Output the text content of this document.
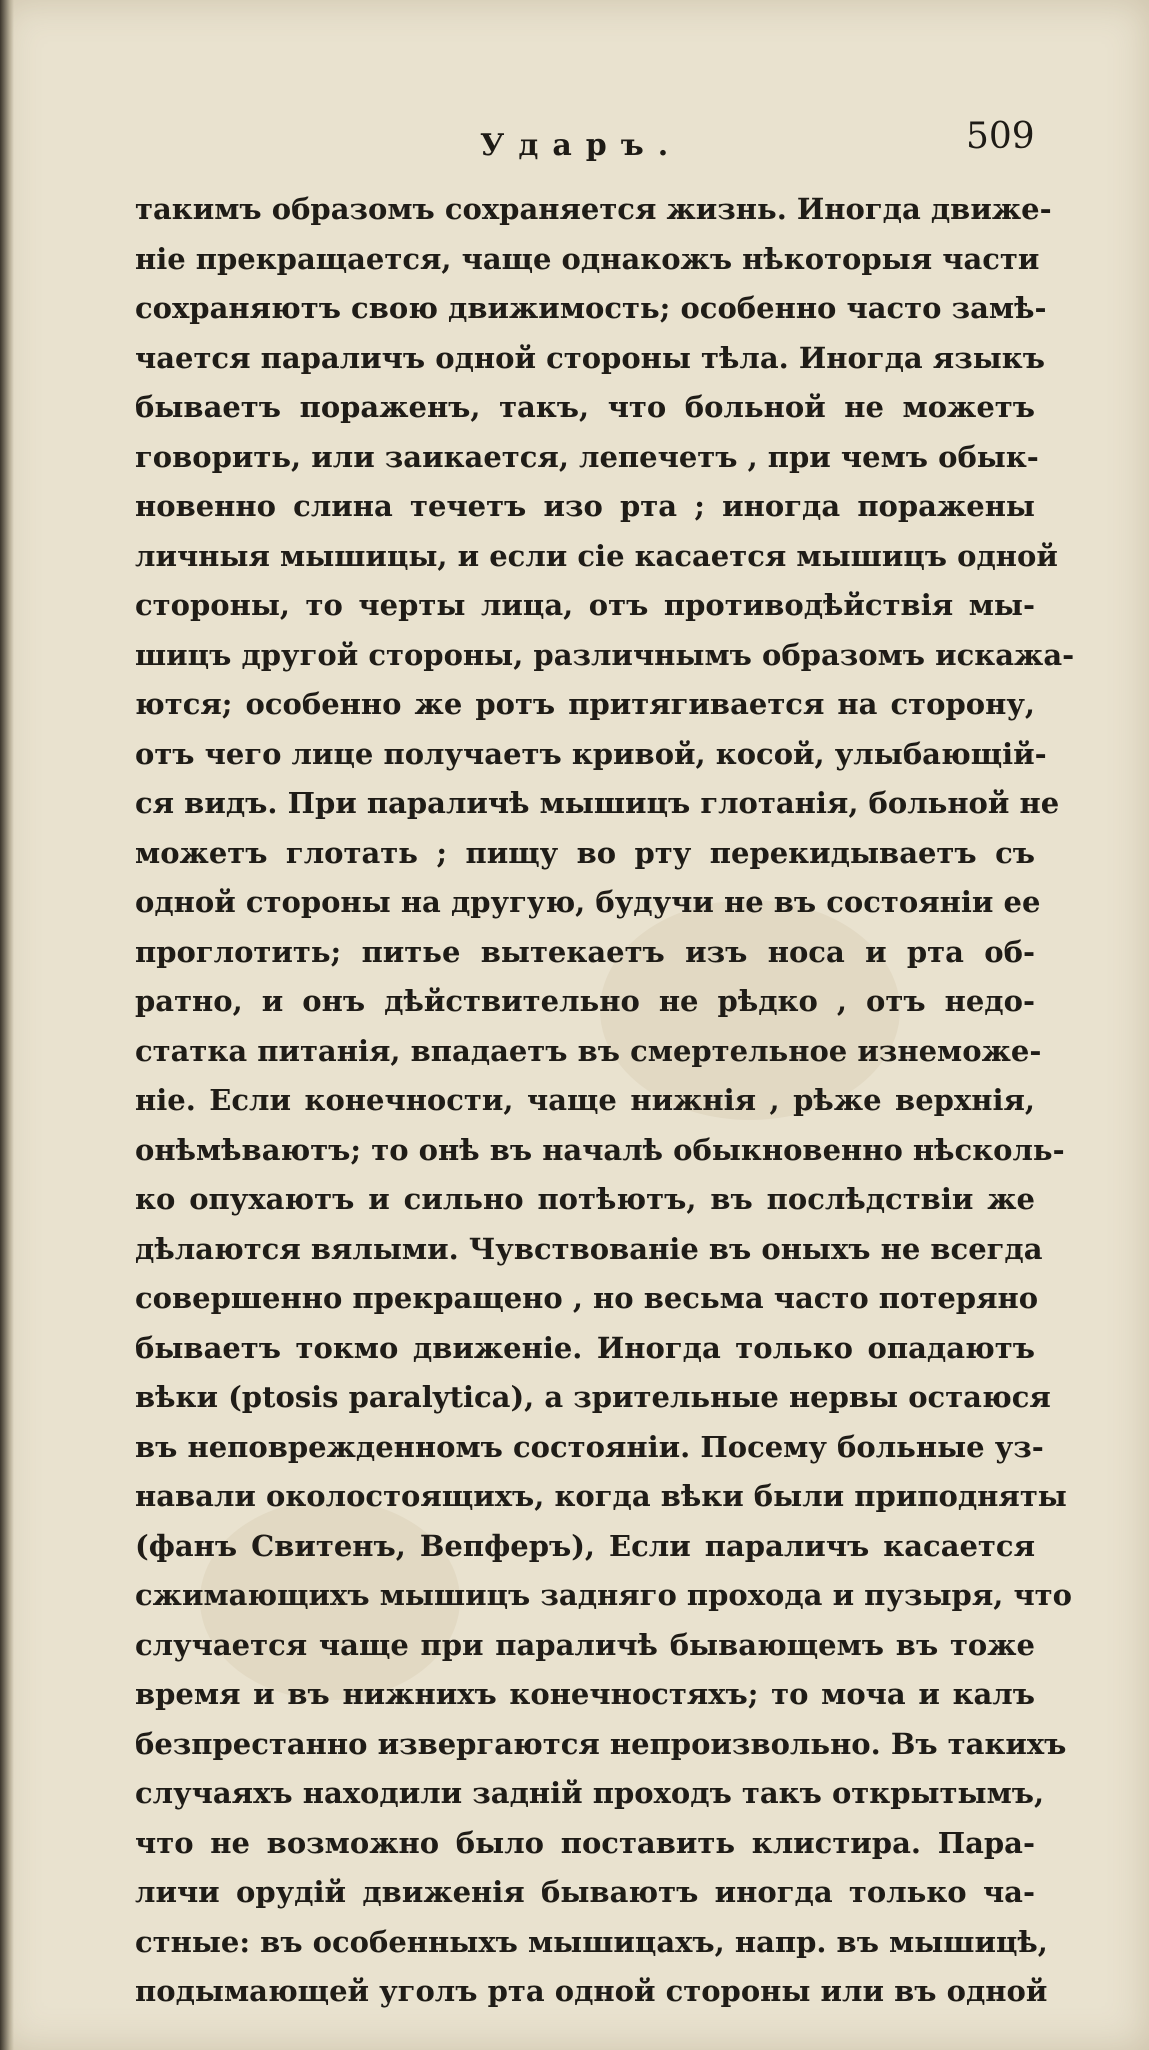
Ударъ.	509
такимъ образомъ сохраняется жизнь. Иногда движе-
ніе прекращается, чаще однакожъ нѣкоторыя части
сохраняютъ свою движимость; особенно часто замѣ-
чается параличъ одной стороны тѣла. Иногда языкъ
бываетъ пораженъ, такъ, что больной не можетъ
говорить, или заикается, лепечетъ , при чемъ обык-
новенно слина течетъ изо рта ; иногда поражены
личныя мышицы, и если сіе касается мышицъ одной
стороны, то черты лица, отъ противодѣйствія мы-
шицъ другой стороны, различнымъ образомъ искажа-
ются; особенно же ротъ притягивается на сторону,
отъ чего лице получаетъ кривой, косой, улыбающій-
ся видъ. При параличѣ мышицъ глотанія, больной не
можетъ глотать ; пищу во рту перекидываетъ съ
одной стороны на другую, будучи не въ состояніи ее
проглотить; питье вытекаетъ изъ носа и рта об-
ратно, и онъ дѣйствительно не рѣдко , отъ недо-
статка питанія, впадаетъ въ смертельное изнеможе-
ніе. Если конечности, чаще нижнія , рѣже верхнія,
онѣмѣваютъ; то онѣ въ началѣ обыкновенно нѣсколь-
ко опухаютъ и сильно потѣютъ, въ послѣдствіи же
дѣлаются вялыми. Чувствованіе въ оныхъ не всегда
совершенно прекращено , но весьма часто потеряно
бываетъ токмо движеніе. Иногда только опадаютъ
вѣки (ptosis paralytica), а зрительные нервы остаюся
въ неповрежденномъ состояніи. Посему больные уз-
навали околостоящихъ, когда вѣки были приподняты
(фанъ Свитенъ, Вепферъ), Если параличъ касается
сжимающихъ мышицъ задняго прохода и пузыря, что
случается чаще при параличѣ бывающемъ въ тоже
время и въ нижнихъ конечностяхъ; то моча и калъ
безпрестанно извергаются непроизвольно. Въ такихъ
случаяхъ находили заднiй проходъ такъ открытымъ,
что не возможно было поставить клистира. Пара-
личи орудій движенія бываютъ иногда только ча-
стные: въ особенныхъ мышицахъ, напр. въ мышицѣ,
подымающей уголъ рта одной стороны или въ одной
